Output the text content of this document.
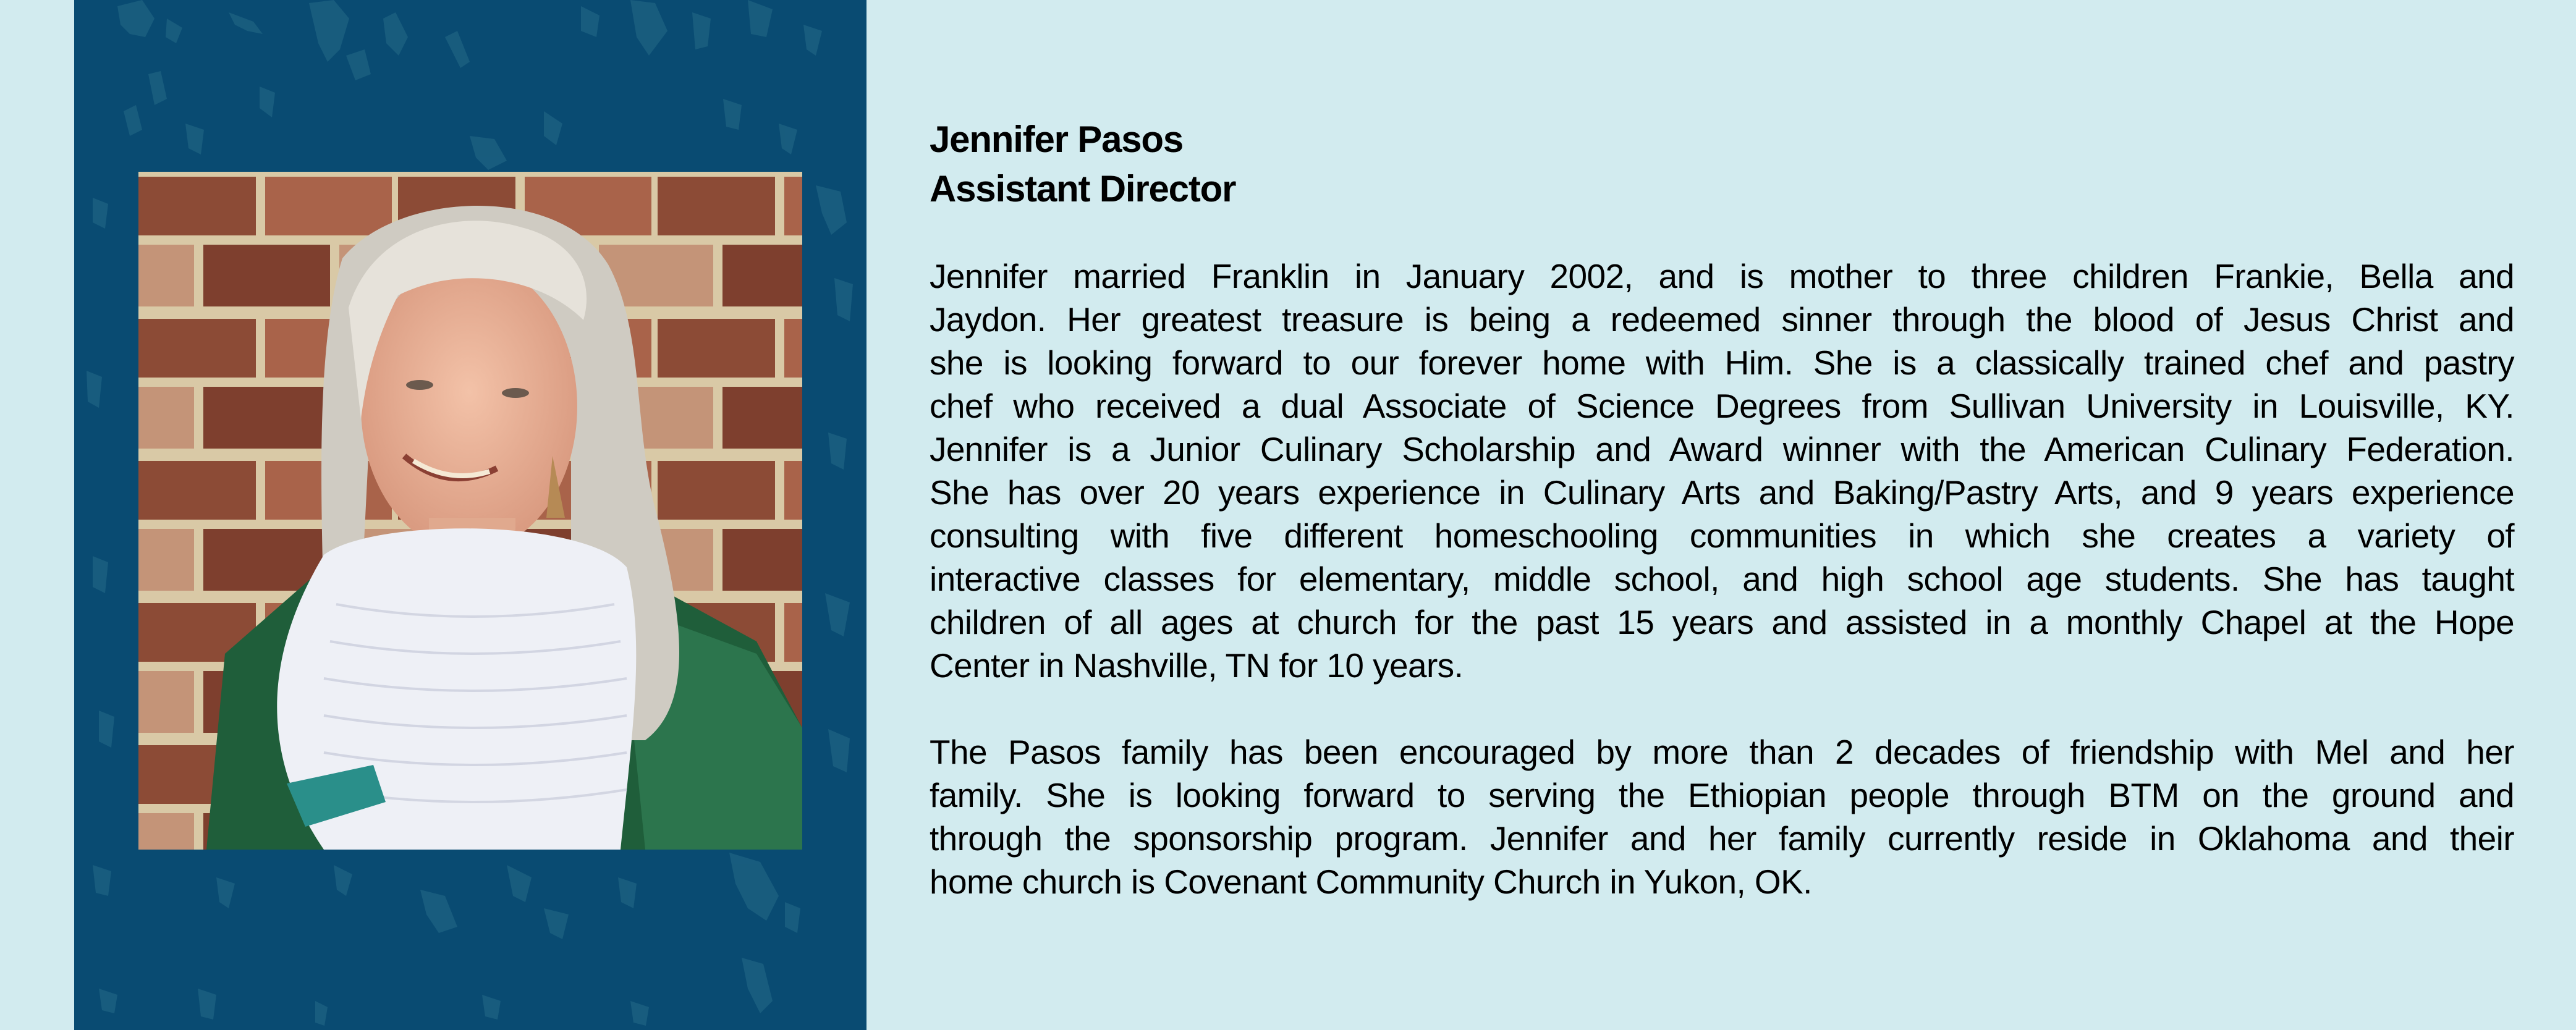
Jennifer Pasos
Assistant Director
Jennifer married Franklin in January 2002, and is mother to three children Frankie, Bella and
Jaydon. Her greatest treasure is being a redeemed sinner through the blood of Jesus Christ and
she is looking forward to our forever home with Him. She is a classically trained chef and pastry
chef who received a dual Associate of Science Degrees from Sullivan University in Louisville, KY.
Jennifer is a Junior Culinary Scholarship and Award winner with the American Culinary Federation.
She has over 20 years experience in Culinary Arts and Baking/Pastry Arts, and 9 years experience
consulting with five different homeschooling communities in which she creates a variety of
interactive classes for elementary, middle school, and high school age students. She has taught
children of all ages at church for the past 15 years and assisted in a monthly Chapel at the Hope
Center in Nashville, TN for 10 years.
The Pasos family has been encouraged by more than 2 decades of friendship with Mel and her
family. She is looking forward to serving the Ethiopian people through BTM on the ground and
through the sponsorship program. Jennifer and her family currently reside in Oklahoma and their
home church is Covenant Community Church in Yukon, OK.
